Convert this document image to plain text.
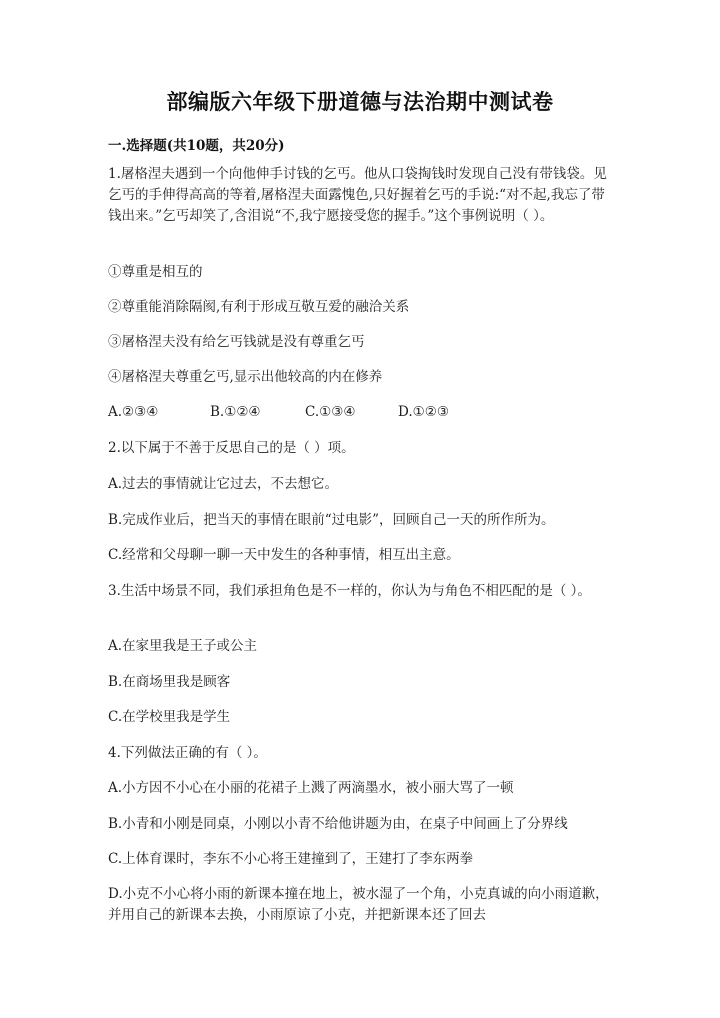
部编版六年级下册道德与法治期中测试卷
一.选择题(共10题，共20分)
1.屠格涅夫遇到一个向他伸手讨钱的乞丐。他从口袋掏钱时发现自己没有带钱袋。见乞丐的手伸得高高的等着,屠格涅夫面露愧色,只好握着乞丐的手说:“对不起,我忘了带钱出来。”乞丐却笑了,含泪说“不,我宁愿接受您的握手。”这个事例说明（ ）。
①尊重是相互的
②尊重能消除隔阂,有利于形成互敬互爱的融洽关系
③屠格涅夫没有给乞丐钱就是没有尊重乞丐
④屠格涅夫尊重乞丐,显示出他较高的内在修养
A.②③④	B.①②④	C.①③④	D.①②③
2.以下属于不善于反思自己的是（ ）项。
A.过去的事情就让它过去，不去想它。
B.完成作业后，把当天的事情在眼前“过电影”，回顾自己一天的所作所为。
C.经常和父母聊一聊一天中发生的各种事情，相互出主意。
3.生活中场景不同，我们承担角色是不一样的，你认为与角色不相匹配的是（ ）。
A.在家里我是王子或公主
B.在商场里我是顾客
C.在学校里我是学生
4.下列做法正确的有（ ）。
A.小方因不小心在小丽的花裙子上溅了两滴墨水，被小丽大骂了一顿
B.小青和小刚是同桌，小刚以小青不给他讲题为由，在桌子中间画上了分界线
C.上体育课时，李东不小心将王建撞到了，王建打了李东两拳
D.小克不小心将小雨的新课本撞在地上，被水湿了一个角，小克真诚的向小雨道歉，并用自己的新课本去换，小雨原谅了小克，并把新课本还了回去
